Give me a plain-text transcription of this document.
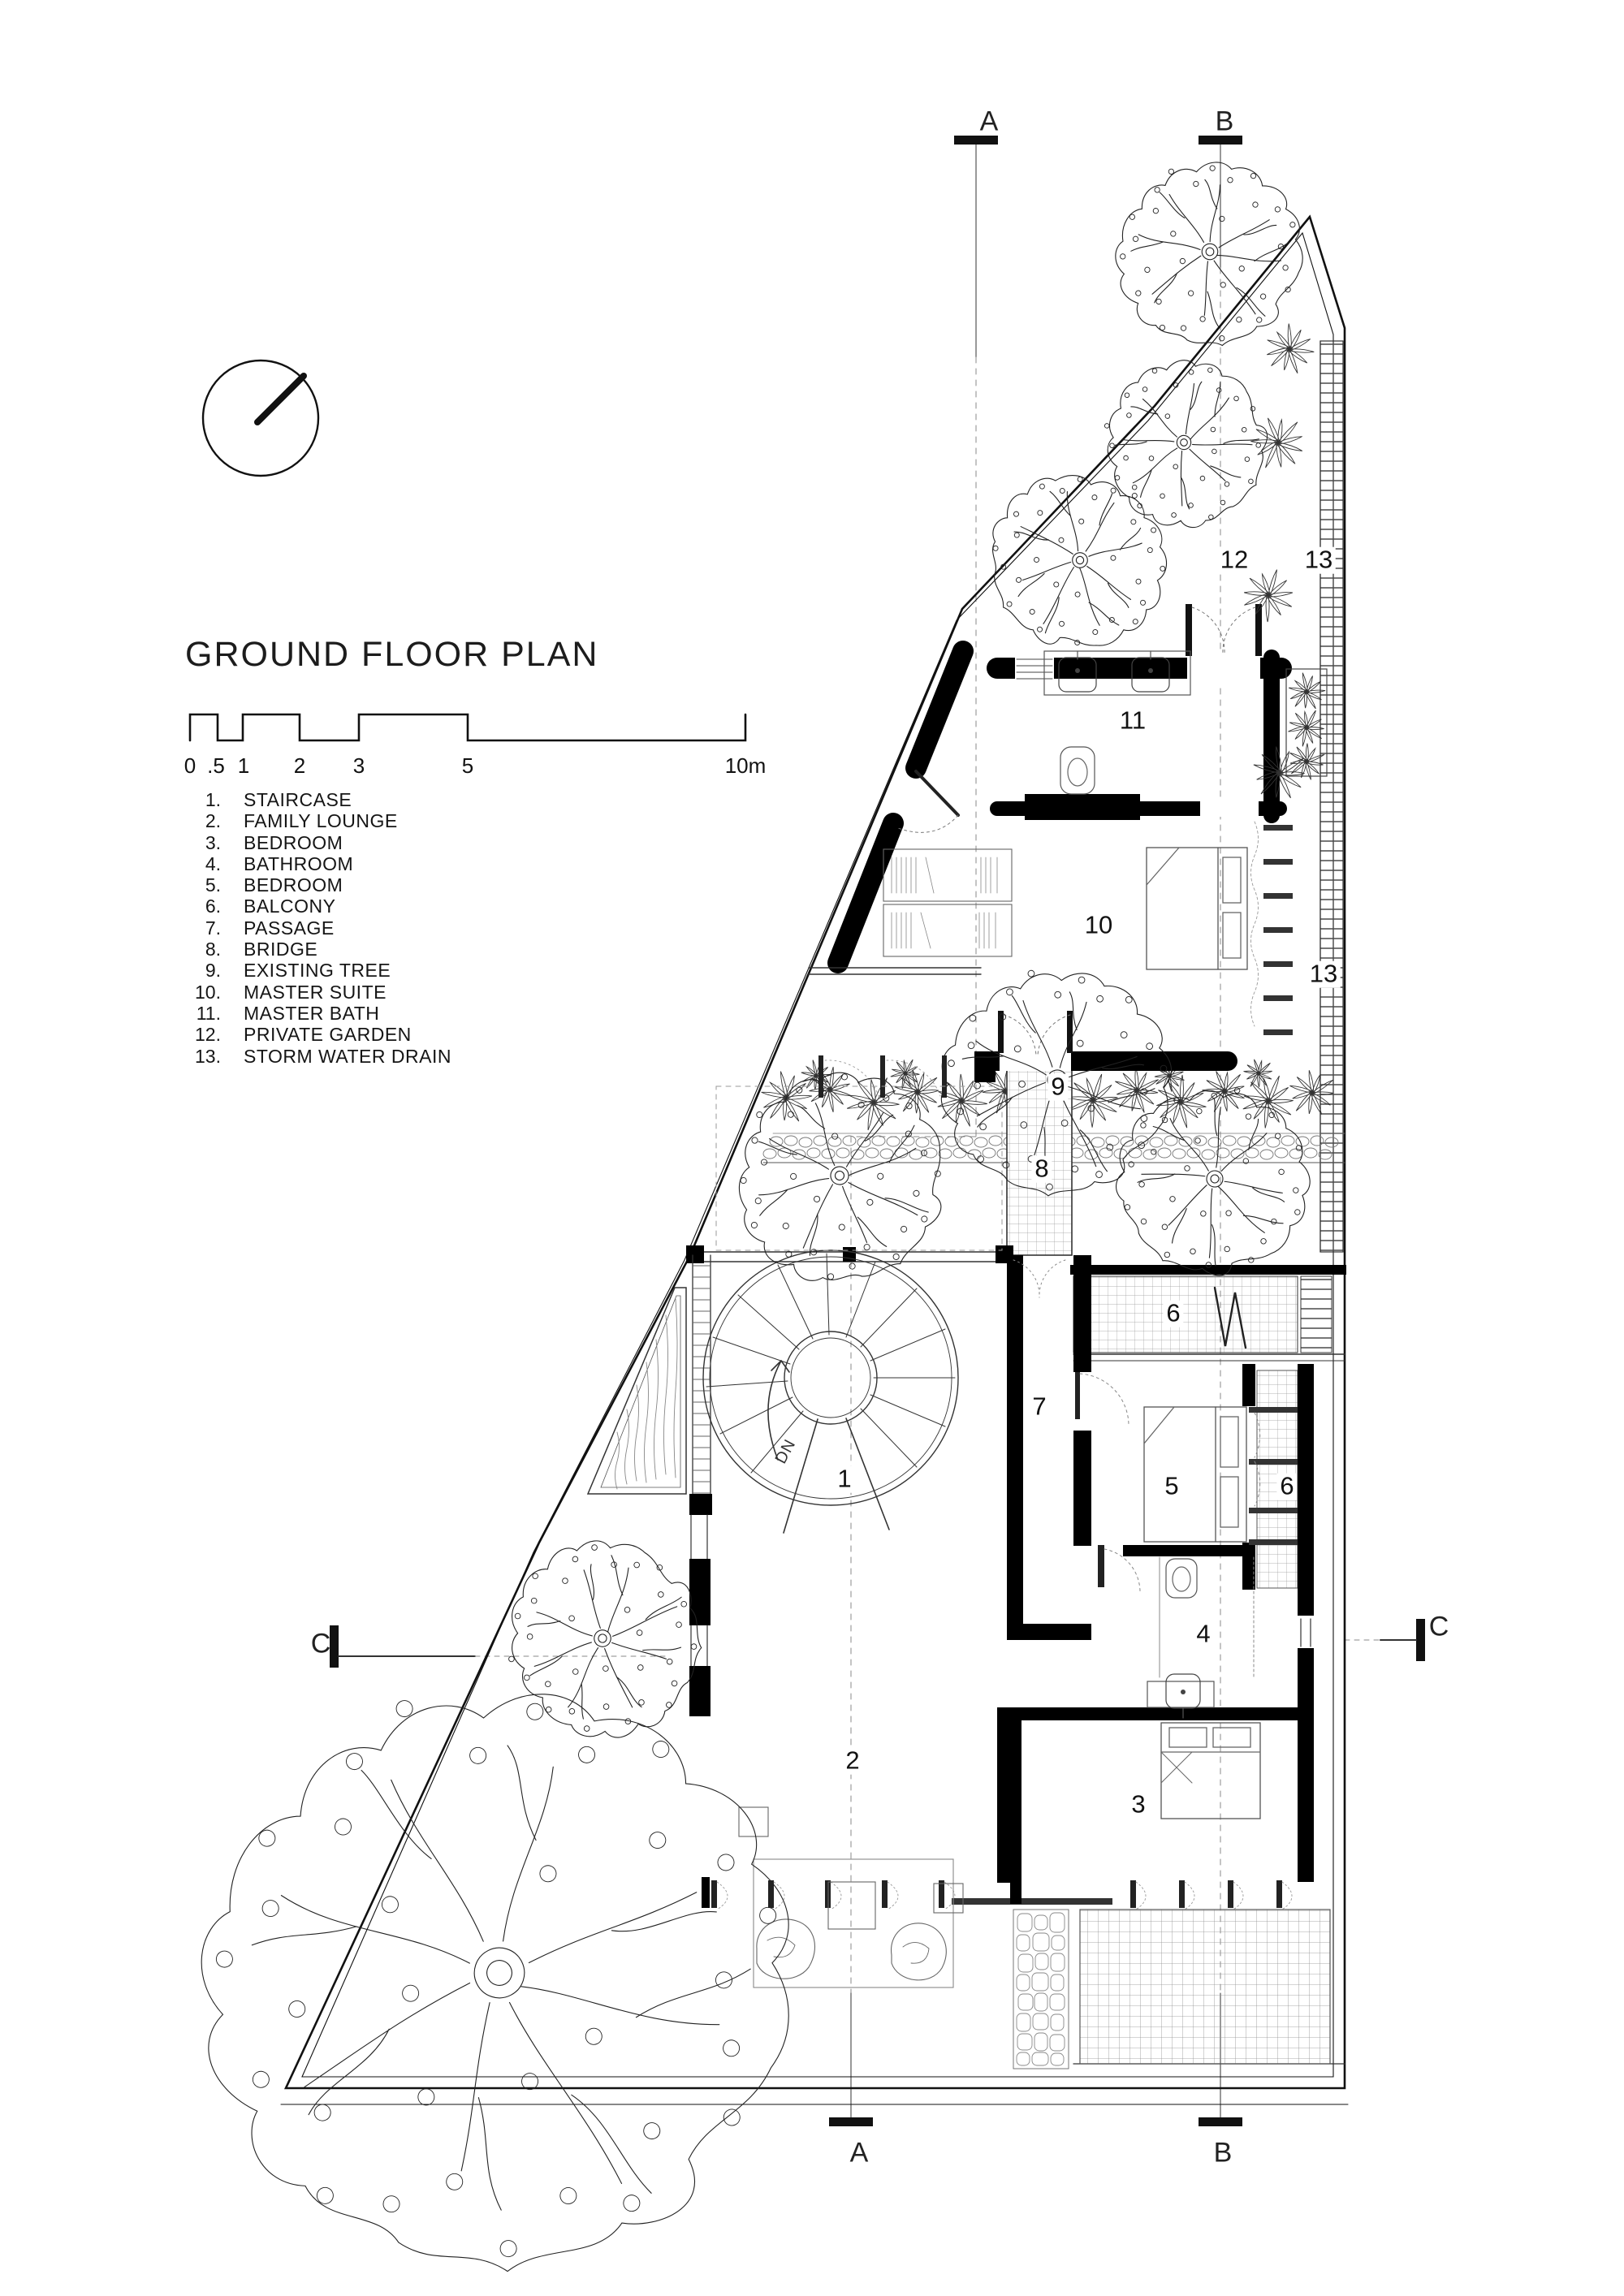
GROUND FLOOR PLAN
1. STAIRCASE
2. FAMILY LOUNGE
3. BEDROOM
4. BATHROOM
5. BEDROOM
6. BALCONY
7. PASSAGE
8. BRIDGE
9. EXISTING TREE
10. MASTER SUITE
11. MASTER BATH
12. PRIVATE GARDEN
13. STORM WATER DRAIN
0 .5 1 2 3	5	10m
1
2
3
4
5
6
6
7
8
9
10
11
12 13
13
A	B
C
C
A	B
DN
